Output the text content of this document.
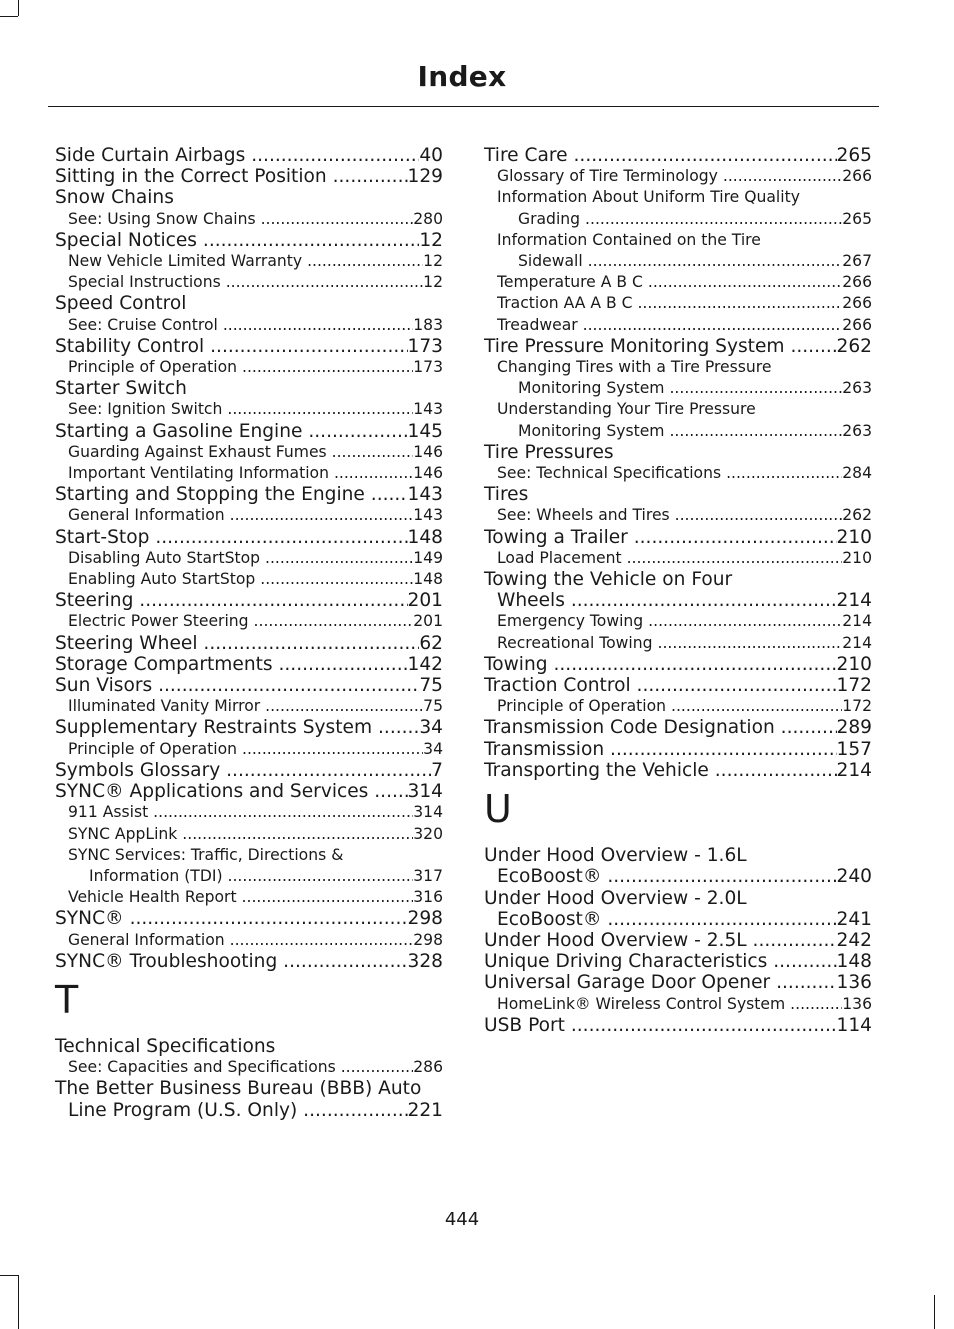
Index
Side Curtain Airbags .....	40
Sitting in the Correct Position .....	129
Snow Chains
See: Using Snow Chains .....	280
Special Notices .....	12
New Vehicle Limited Warranty .....	12
Special Instructions .....	12
Speed Control
See: Cruise Control .....	183
Stability Control .....	173
Principle of Operation .....	173
Starter Switch
See: Ignition Switch .....	143
Starting a Gasoline Engine .....	145
Guarding Against Exhaust Fumes .....	146
Important Ventilating Information .....	146
Starting and Stopping the Engine .....	143
General Information .....	143
Start-Stop .....	148
Disabling Auto StartStop .....	149
Enabling Auto StartStop .....	148
Steering .....	201
Electric Power Steering .....	201
Steering Wheel .....	62
Storage Compartments .....	142
Sun Visors .....	75
Illuminated Vanity Mirror .....	75
Supplementary Restraints System .....	34
Principle of Operation .....	34
Symbols Glossary .....	7
SYNC® Applications and Services .....	314
911 Assist .....	314
SYNC AppLink .....	320
SYNC Services: Traffic, Directions &
Information (TDI) .....	317
Vehicle Health Report .....	316
SYNC® .....	298
General Information .....	298
SYNC® Troubleshooting .....	328
T
Technical Specifications
See: Capacities and Specifications .....	286
The Better Business Bureau (BBB) Auto
Line Program (U.S. Only) .....	221
Tire Care .....	265
Glossary of Tire Terminology .....	266
Information About Uniform Tire Quality
Grading .....	265
Information Contained on the Tire
Sidewall .....	267
Temperature A B C .....	266
Traction AA A B C .....	266
Treadwear .....	266
Tire Pressure Monitoring System .....	262
Changing Tires with a Tire Pressure
Monitoring System .....	263
Understanding Your Tire Pressure
Monitoring System .....	263
Tire Pressures
See: Technical Specifications .....	284
Tires
See: Wheels and Tires .....	262
Towing a Trailer .....	210
Load Placement .....	210
Towing the Vehicle on Four
Wheels .....	214
Emergency Towing .....	214
Recreational Towing .....	214
Towing .....	210
Traction Control .....	172
Principle of Operation .....	172
Transmission Code Designation .....	289
Transmission .....	157
Transporting the Vehicle .....	214
U
Under Hood Overview - 1.6L
EcoBoost® .....	240
Under Hood Overview - 2.0L
EcoBoost® .....	241
Under Hood Overview - 2.5L .....	242
Unique Driving Characteristics .....	148
Universal Garage Door Opener .....	136
HomeLink® Wireless Control System .....	136
USB Port .....	114
444
